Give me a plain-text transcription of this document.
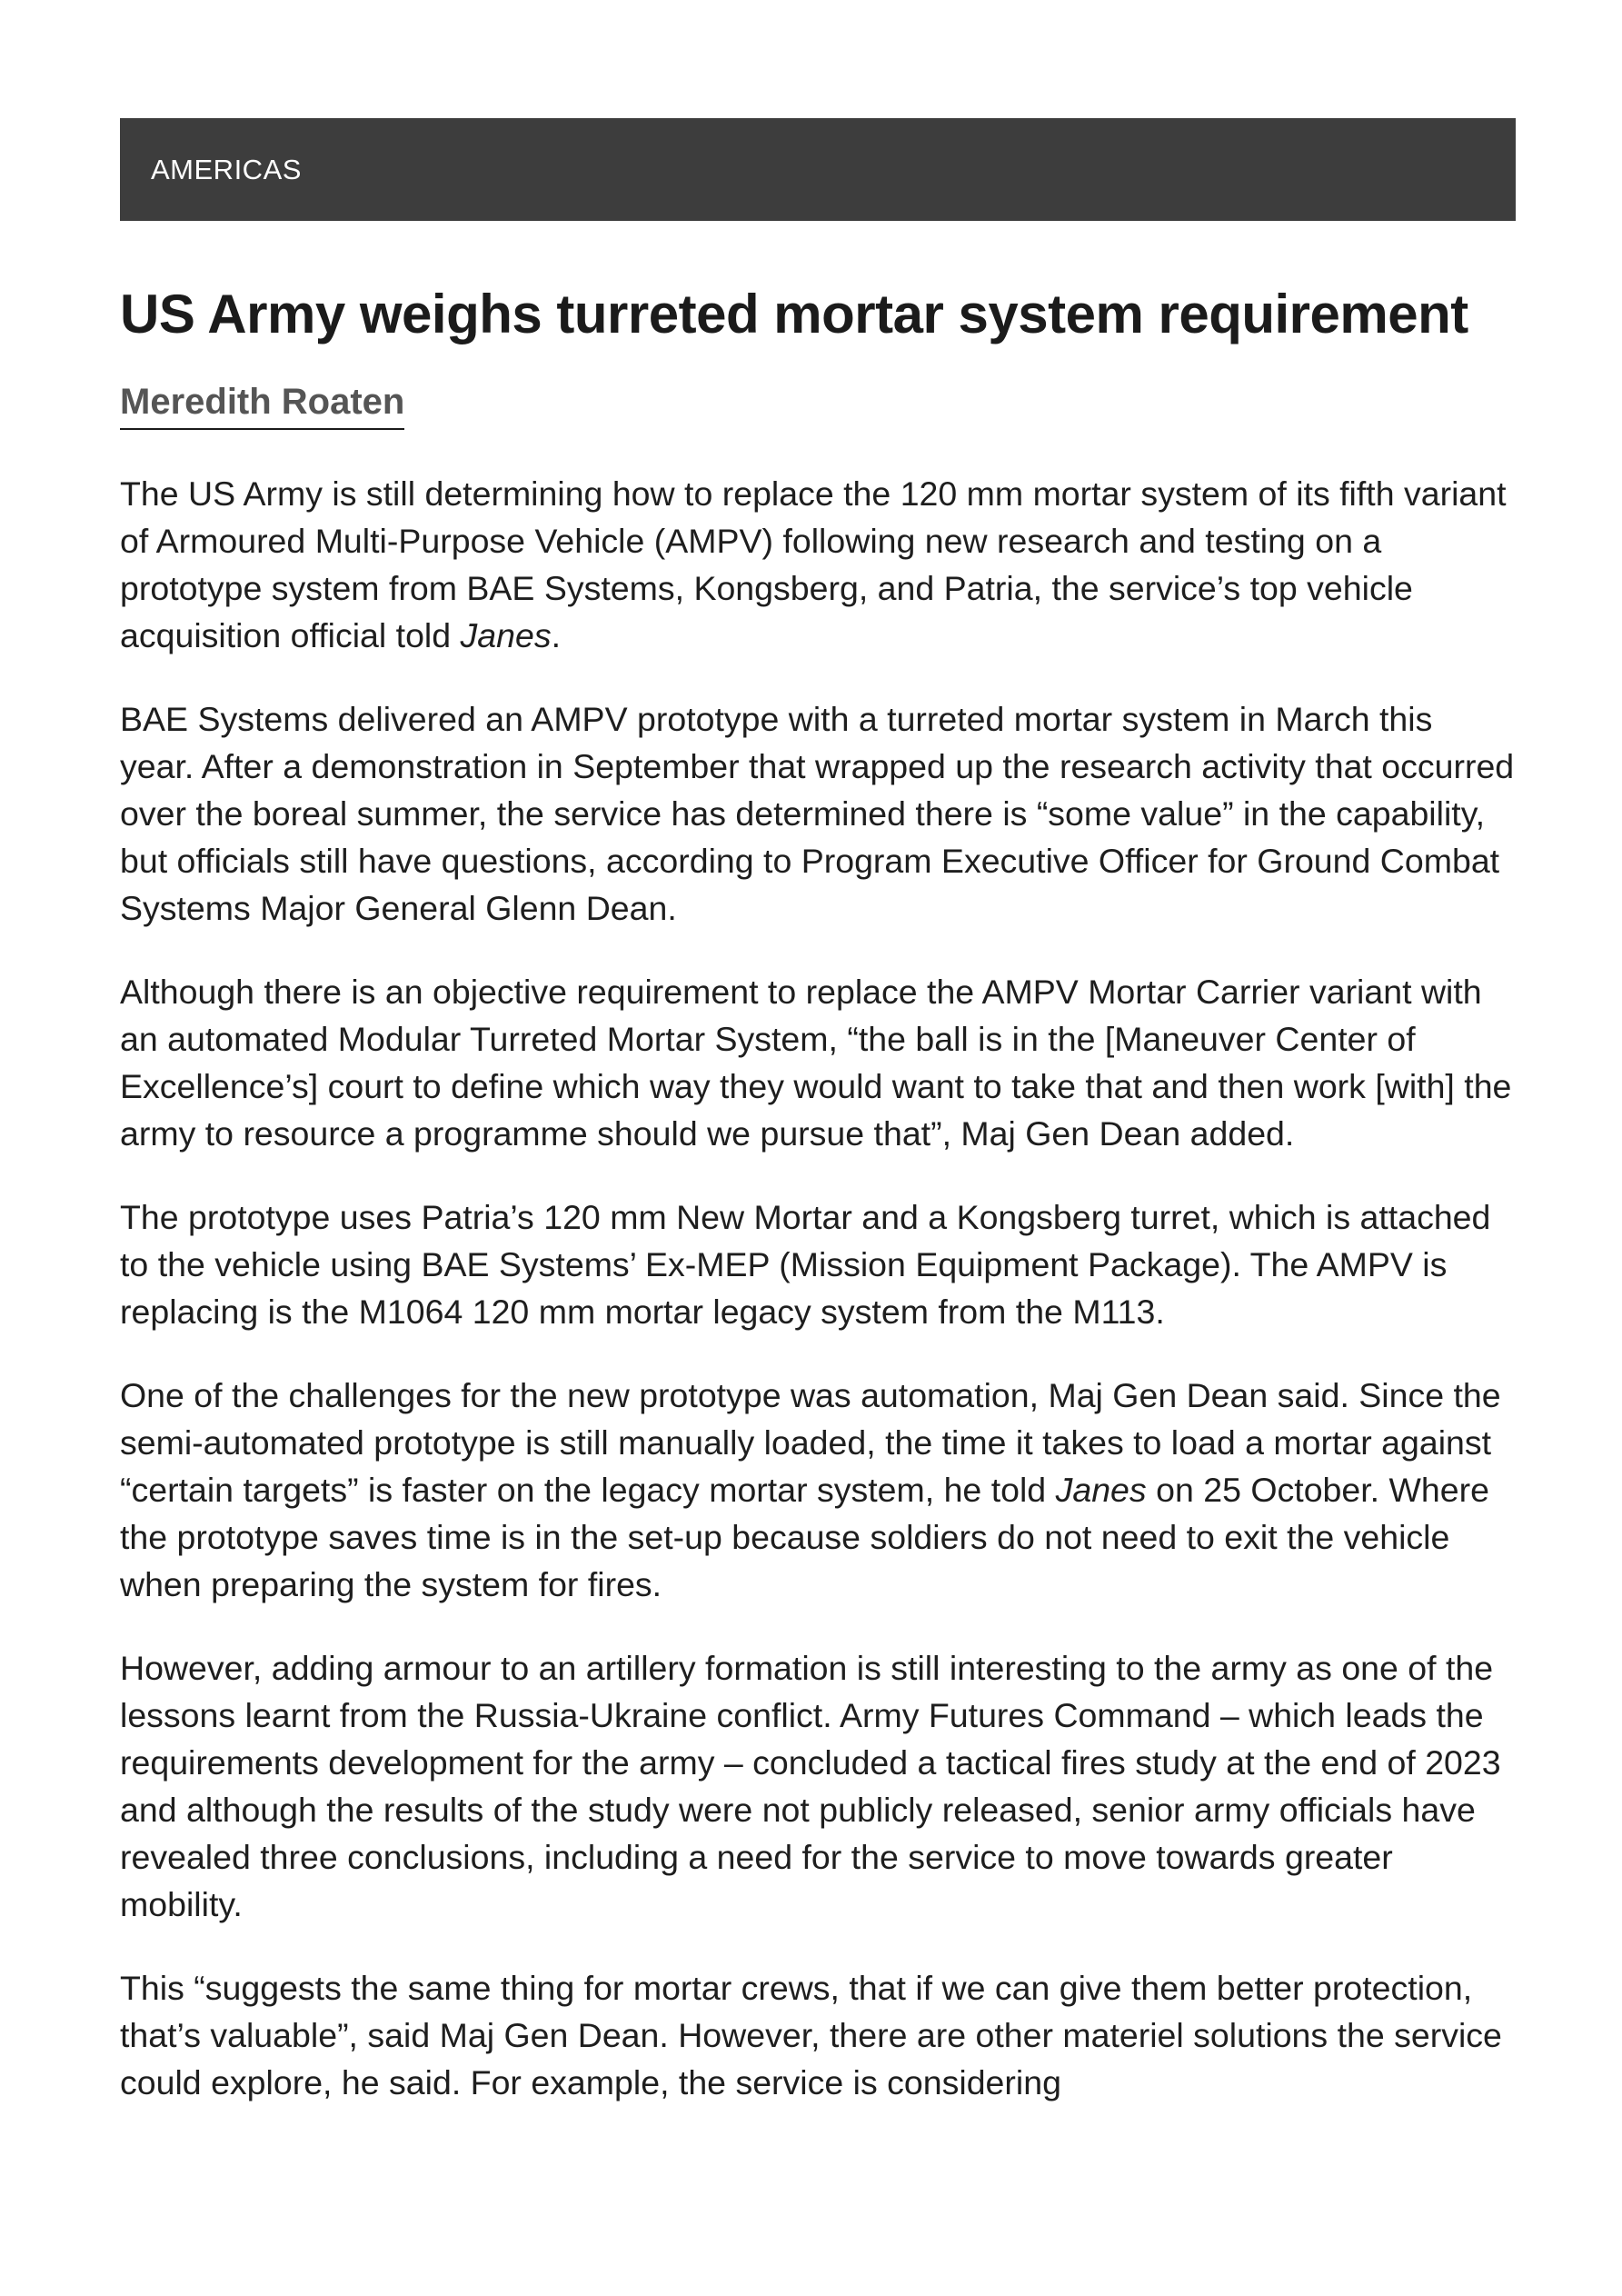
AMERICAS
US Army weighs turreted mortar system requirement
Meredith Roaten

The US Army is still determining how to replace the 120 mm mortar system of its fifth variant of Armoured Multi-Purpose Vehicle (AMPV) following new research and testing on a prototype system from BAE Systems, Kongsberg, and Patria, the service’s top vehicle acquisition official told Janes.

BAE Systems delivered an AMPV prototype with a turreted mortar system in March this year. After a demonstration in September that wrapped up the research activity that occurred over the boreal summer, the service has determined there is “some value” in the capability, but officials still have questions, according to Program Executive Officer for Ground Combat Systems Major General Glenn Dean.

Although there is an objective requirement to replace the AMPV Mortar Carrier variant with an automated Modular Turreted Mortar System, “the ball is in the [Maneuver Center of Excellence’s] court to define which way they would want to take that and then work [with] the army to resource a programme should we pursue that”, Maj Gen Dean added.

The prototype uses Patria’s 120 mm New Mortar and a Kongsberg turret, which is attached to the vehicle using BAE Systems’ Ex-MEP (Mission Equipment Package). The AMPV is replacing is the M1064 120 mm mortar legacy system from the M113.

One of the challenges for the new prototype was automation, Maj Gen Dean said. Since the semi-automated prototype is still manually loaded, the time it takes to load a mortar against “certain targets” is faster on the legacy mortar system, he told Janes on 25 October. Where the prototype saves time is in the set-up because soldiers do not need to exit the vehicle when preparing the system for fires.

However, adding armour to an artillery formation is still interesting to the army as one of the lessons learnt from the Russia-Ukraine conflict. Army Futures Command – which leads the requirements development for the army – concluded a tactical fires study at the end of 2023 and although the results of the study were not publicly released, senior army officials have revealed three conclusions, including a need for the service to move towards greater mobility.

This “suggests the same thing for mortar crews, that if we can give them better protection, that’s valuable”, said Maj Gen Dean. However, there are other materiel solutions the service could explore, he said. For example, the service is considering
